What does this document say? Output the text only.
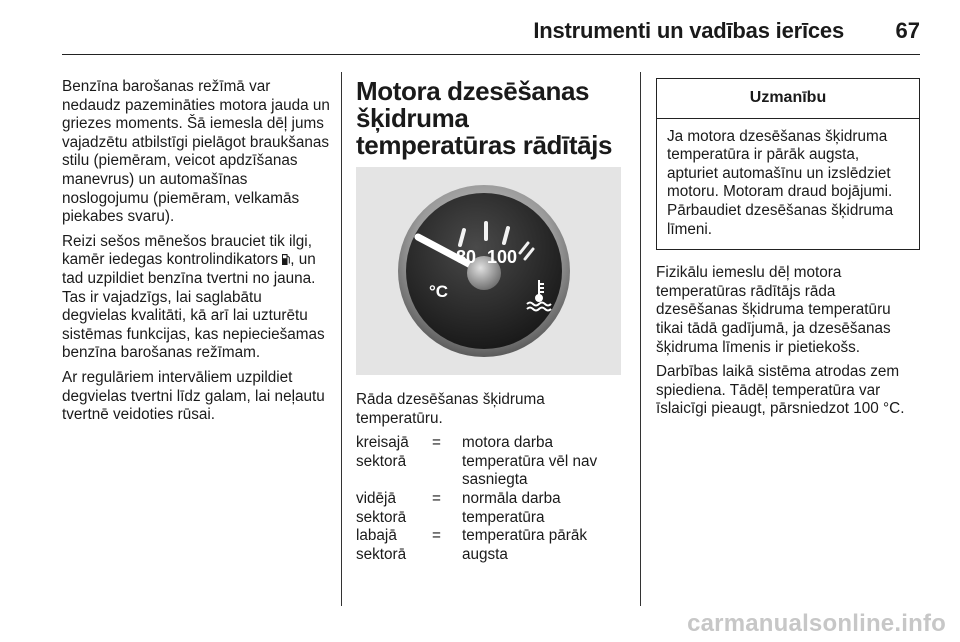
Instrumenti un vadības ierīces 67

Benzīna barošanas režīmā var nedaudz pazemināties motora jauda un griezes moments. Šā iemesla dēļ jums vajadzētu atbilstīgi pielāgot braukšanas stilu (piemēram, veicot apdzīšanas manevrus) un automašīnas noslogojumu (piemēram, velkamās piekabes svaru).

Reizi sešos mēnešos brauciet tik ilgi, kamēr iedegas kontrolindikators , un tad uzpildiet benzīna tvertni no jauna. Tas ir vajadzīgs, lai saglabātu degvielas kvalitāti, kā arī lai uzturētu sistēmas funkcijas, kas nepieciešamas benzīna barošanas režīmam.

Ar regulāriem intervāliem uzpildiet degvielas tvertni līdz galam, lai neļautu tvertnē veidoties rūsai.

Motora dzesēšanas šķidruma temperatūras rādītājs
80 100
°C

Rāda dzesēšanas šķidruma temperatūru.

kreisajā sektorā	=	motora darba temperatūra vēl nav sasniegta
vidējā sektorā	=	normāla darba temperatūra
labajā sektorā	=	temperatūra pārāk augsta
Uzmanību
Ja motora dzesēšanas šķidruma temperatūra ir pārāk augsta, apturiet automašīnu un izslēdziet motoru. Motoram draud bojājumi. Pārbaudiet dzesēšanas šķidruma līmeni.

Fizikālu iemeslu dēļ motora temperatūras rādītājs rāda dzesēšanas šķidruma temperatūru tikai tādā gadījumā, ja dzesēšanas šķidruma līmenis ir pietiekošs.

Darbības laikā sistēma atrodas zem spiediena. Tādēļ temperatūra var īslaicīgi pieaugt, pārsniedzot 100 °C.

carmanualsonline.info
